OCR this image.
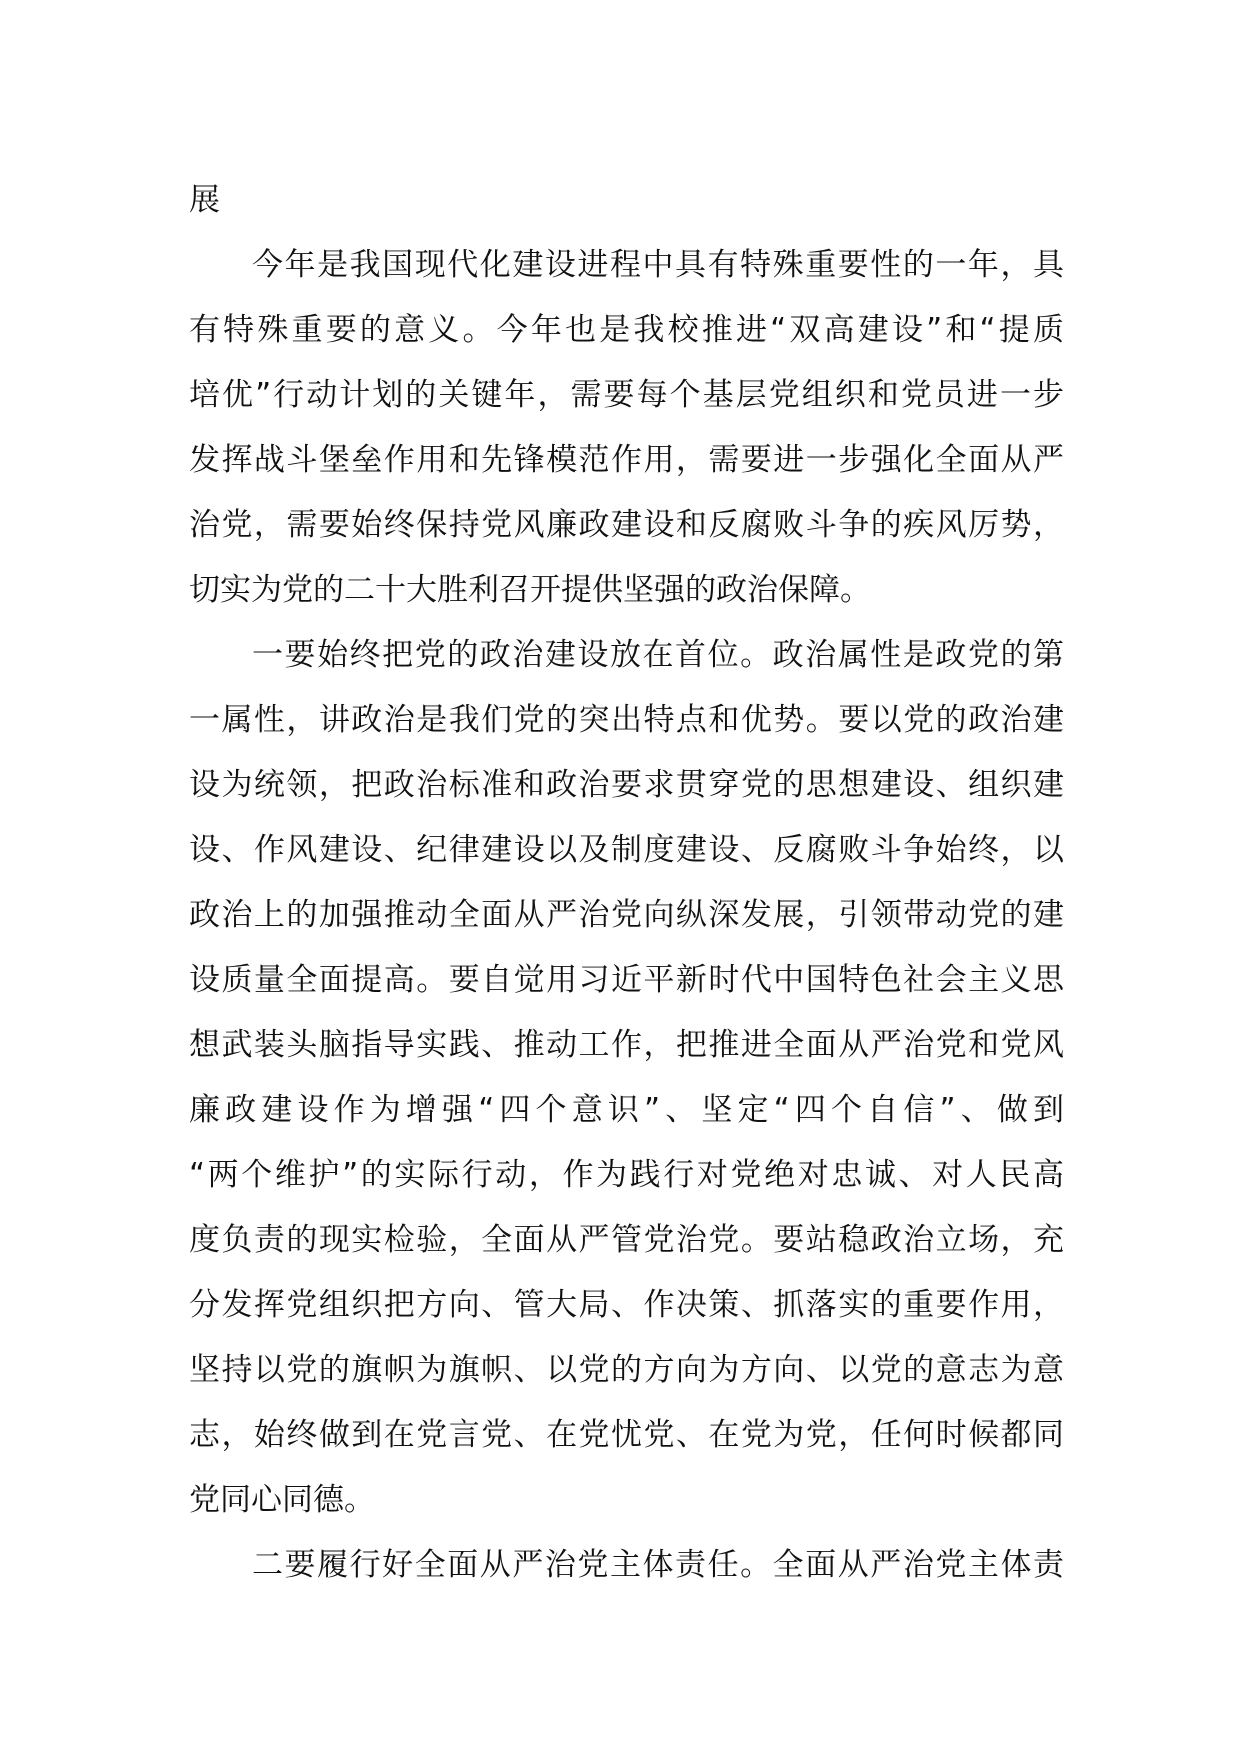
展
今年是我国现代化建设进程中具有特殊重要性的一年，具
有特殊重要的意义。今年也是我校推进“双高建设”和“提质
培优”行动计划的关键年，需要每个基层党组织和党员进一步
发挥战斗堡垒作用和先锋模范作用，需要进一步强化全面从严
治党，需要始终保持党风廉政建设和反腐败斗争的疾风厉势，
切实为党的二十大胜利召开提供坚强的政治保障。
一要始终把党的政治建设放在首位。政治属性是政党的第
一属性，讲政治是我们党的突出特点和优势。要以党的政治建
设为统领，把政治标准和政治要求贯穿党的思想建设、组织建
设、作风建设、纪律建设以及制度建设、反腐败斗争始终，以
政治上的加强推动全面从严治党向纵深发展，引领带动党的建
设质量全面提高。要自觉用习近平新时代中国特色社会主义思
想武装头脑指导实践、推动工作，把推进全面从严治党和党风
廉政建设作为增强“四个意识”、坚定“四个自信”、做到
“两个维护”的实际行动，作为践行对党绝对忠诚、对人民高
度负责的现实检验，全面从严管党治党。要站稳政治立场，充
分发挥党组织把方向、管大局、作决策、抓落实的重要作用，
坚持以党的旗帜为旗帜、以党的方向为方向、以党的意志为意
志，始终做到在党言党、在党忧党、在党为党，任何时候都同
党同心同德。
二要履行好全面从严治党主体责任。全面从严治党主体责
